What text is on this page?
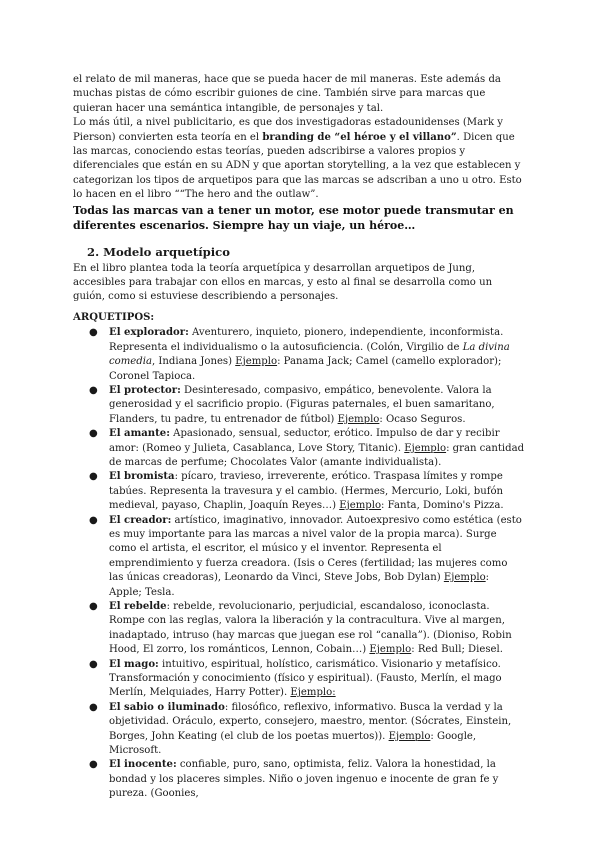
el relato de mil maneras, hace que se pueda hacer de mil maneras. Este además da muchas pistas de cómo escribir guiones de cine. También sirve para marcas que quieran hacer una semántica intangible, de personajes y tal.

Lo más útil, a nivel publicitario, es que dos investigadoras estadounidenses (Mark y Pierson) convierten esta teoría en el branding de “el héroe y el villano”. Dicen que las marcas, conociendo estas teorías, pueden adscribirse a valores propios y diferenciales que están en su ADN y que aportan storytelling, a la vez que establecen y categorizan los tipos de arquetipos para que las marcas se adscriban a uno u otro. Esto lo hacen en el libro ““The hero and the outlaw”.

Todas las marcas van a tener un motor, ese motor puede transmutar en diferentes escenarios. Siempre hay un viaje, un héroe…

2. Modelo arquetípico

En el libro plantea toda la teoría arquetípica y desarrollan arquetipos de Jung, accesibles para trabajar con ellos en marcas, y esto al final se desarrolla como un guión, como si estuviese describiendo a personajes.

ARQUETIPOS:

● El explorador: Aventurero, inquieto, pionero, independiente, inconformista. Representa el individualismo o la autosuficiencia. (Colón, Virgilio de La divina comedia, Indiana Jones) Ejemplo: Panama Jack; Camel (camello explorador); Coronel Tapioca.
● El protector: Desinteresado, compasivo, empático, benevolente. Valora la generosidad y el sacrificio propio. (Figuras paternales, el buen samaritano, Flanders, tu padre, tu entrenador de fútbol) Ejemplo: Ocaso Seguros.
● El amante: Apasionado, sensual, seductor, erótico. Impulso de dar y recibir amor: (Romeo y Julieta, Casablanca, Love Story, Titanic). Ejemplo: gran cantidad de marcas de perfume; Chocolates Valor (amante individualista).
● El bromista: pícaro, travieso, irreverente, erótico. Traspasa límites y rompe tabúes. Representa la travesura y el cambio. (Hermes, Mercurio, Loki, bufón medieval, payaso, Chaplin, Joaquín Reyes…) Ejemplo: Fanta, Domino's Pizza.
● El creador: artístico, imaginativo, innovador. Autoexpresivo como estética (esto es muy importante para las marcas a nivel valor de la propia marca). Surge como el artista, el escritor, el músico y el inventor. Representa el emprendimiento y fuerza creadora. (Isis o Ceres (fertilidad; las mujeres como las únicas creadoras), Leonardo da Vinci, Steve Jobs, Bob Dylan) Ejemplo: Apple; Tesla.
● El rebelde: rebelde, revolucionario, perjudicial, escandaloso, iconoclasta. Rompe con las reglas, valora la liberación y la contracultura. Vive al margen, inadaptado, intruso (hay marcas que juegan ese rol “canalla”). (Dioniso, Robin Hood, El zorro, los románticos, Lennon, Cobain…) Ejemplo: Red Bull; Diesel.
● El mago: intuitivo, espiritual, holístico, carismático. Visionario y metafísico. Transformación y conocimiento (físico y espiritual). (Fausto, Merlín, el mago Merlín, Melquiades, Harry Potter). Ejemplo:
● El sabio o iluminado: filosófico, reflexivo, informativo. Busca la verdad y la objetividad. Oráculo, experto, consejero, maestro, mentor. (Sócrates, Einstein, Borges, John Keating (el club de los poetas muertos)). Ejemplo: Google, Microsoft.
● El inocente: confiable, puro, sano, optimista, feliz. Valora la honestidad, la bondad y los placeres simples. Niño o joven ingenuo e inocente de gran fe y pureza. (Goonies,
